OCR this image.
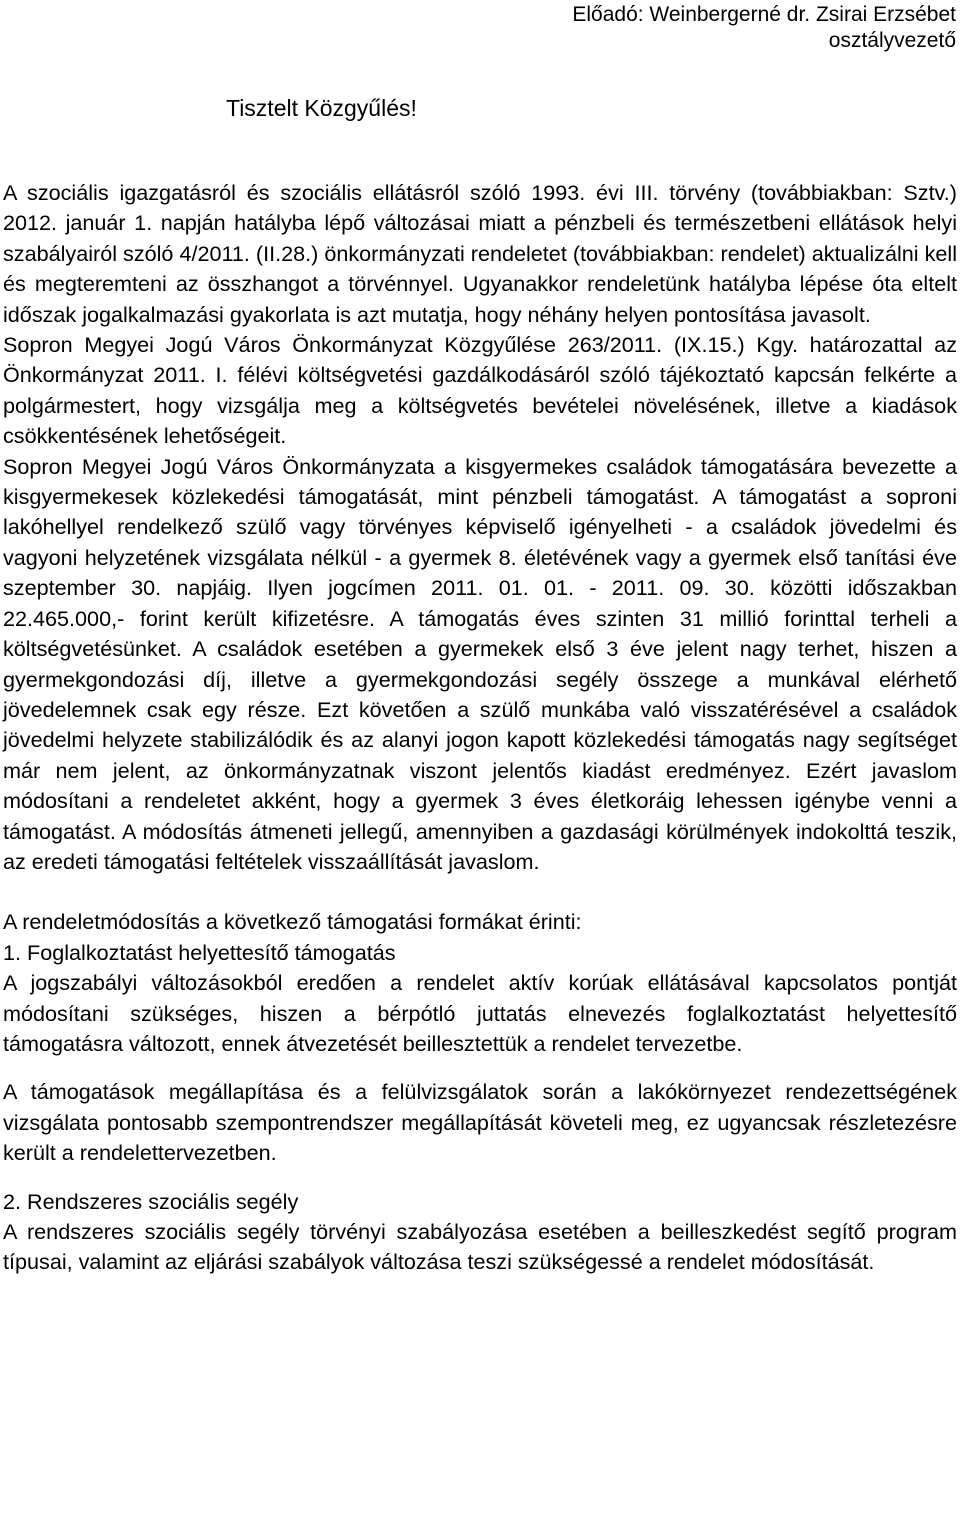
Előadó: Weinbergerné dr. Zsirai Erzsébet
osztályvezető
Tisztelt Közgyűlés!

A szociális igazgatásról és szociális ellátásról szóló 1993. évi III. törvény (továbbiakban: Sztv.) 2012. január 1. napján hatályba lépő változásai miatt a pénzbeli és természetbeni ellátások helyi szabályairól szóló 4/2011. (II.28.) önkormányzati rendeletet (továbbiakban: rendelet) aktualizálni kell és megteremteni az összhangot a törvénnyel. Ugyanakkor rendeletünk hatályba lépése óta eltelt időszak jogalkalmazási gyakorlata is azt mutatja, hogy néhány helyen pontosítása javasolt.

Sopron Megyei Jogú Város Önkormányzat Közgyűlése 263/2011. (IX.15.) Kgy. határozattal az Önkormányzat 2011. I. félévi költségvetési gazdálkodásáról szóló tájékoztató kapcsán felkérte a polgármestert, hogy vizsgálja meg a költségvetés bevételei növelésének, illetve a kiadások csökkentésének lehetőségeit.

Sopron Megyei Jogú Város Önkormányzata a kisgyermekes családok támogatására bevezette a kisgyermekesek közlekedési támogatását, mint pénzbeli támogatást. A támogatást a soproni lakóhellyel rendelkező szülő vagy törvényes képviselő igényelheti - a családok jövedelmi és vagyoni helyzetének vizsgálata nélkül - a gyermek 8. életévének vagy a gyermek első tanítási éve szeptember 30. napjáig. Ilyen jogcímen 2011. 01. 01. - 2011. 09. 30. közötti időszakban 22.465.000,- forint került kifizetésre. A támogatás éves szinten 31 millió forinttal terheli a költségvetésünket. A családok esetében a gyermekek első 3 éve jelent nagy terhet, hiszen a gyermekgondozási díj, illetve a gyermekgondozási segély összege a munkával elérhető jövedelemnek csak egy része. Ezt követően a szülő munkába való visszatérésével a családok jövedelmi helyzete stabilizálódik és az alanyi jogon kapott közlekedési támogatás nagy segítséget már nem jelent, az önkormányzatnak viszont jelentős kiadást eredményez. Ezért javaslom módosítani a rendeletet akként, hogy a gyermek 3 éves életkoráig lehessen igénybe venni a támogatást. A módosítás átmeneti jellegű, amennyiben a gazdasági körülmények indokolttá teszik, az eredeti támogatási feltételek visszaállítását javaslom.

A rendeletmódosítás a következő támogatási formákat érinti:

1. Foglalkoztatást helyettesítő támogatás

A jogszabályi változásokból eredően a rendelet aktív korúak ellátásával kapcsolatos pontját módosítani szükséges, hiszen a bérpótló juttatás elnevezés foglalkoztatást helyettesítő támogatásra változott, ennek átvezetését beillesztettük a rendelet tervezetbe.

A támogatások megállapítása és a felülvizsgálatok során a lakókörnyezet rendezettségének vizsgálata pontosabb szempontrendszer megállapítását követeli meg, ez ugyancsak részletezésre került a rendelettervezetben.

2. Rendszeres szociális segély

A rendszeres szociális segély törvényi szabályozása esetében a beilleszkedést segítő program típusai, valamint az eljárási szabályok változása teszi szükségessé a rendelet módosítását.
